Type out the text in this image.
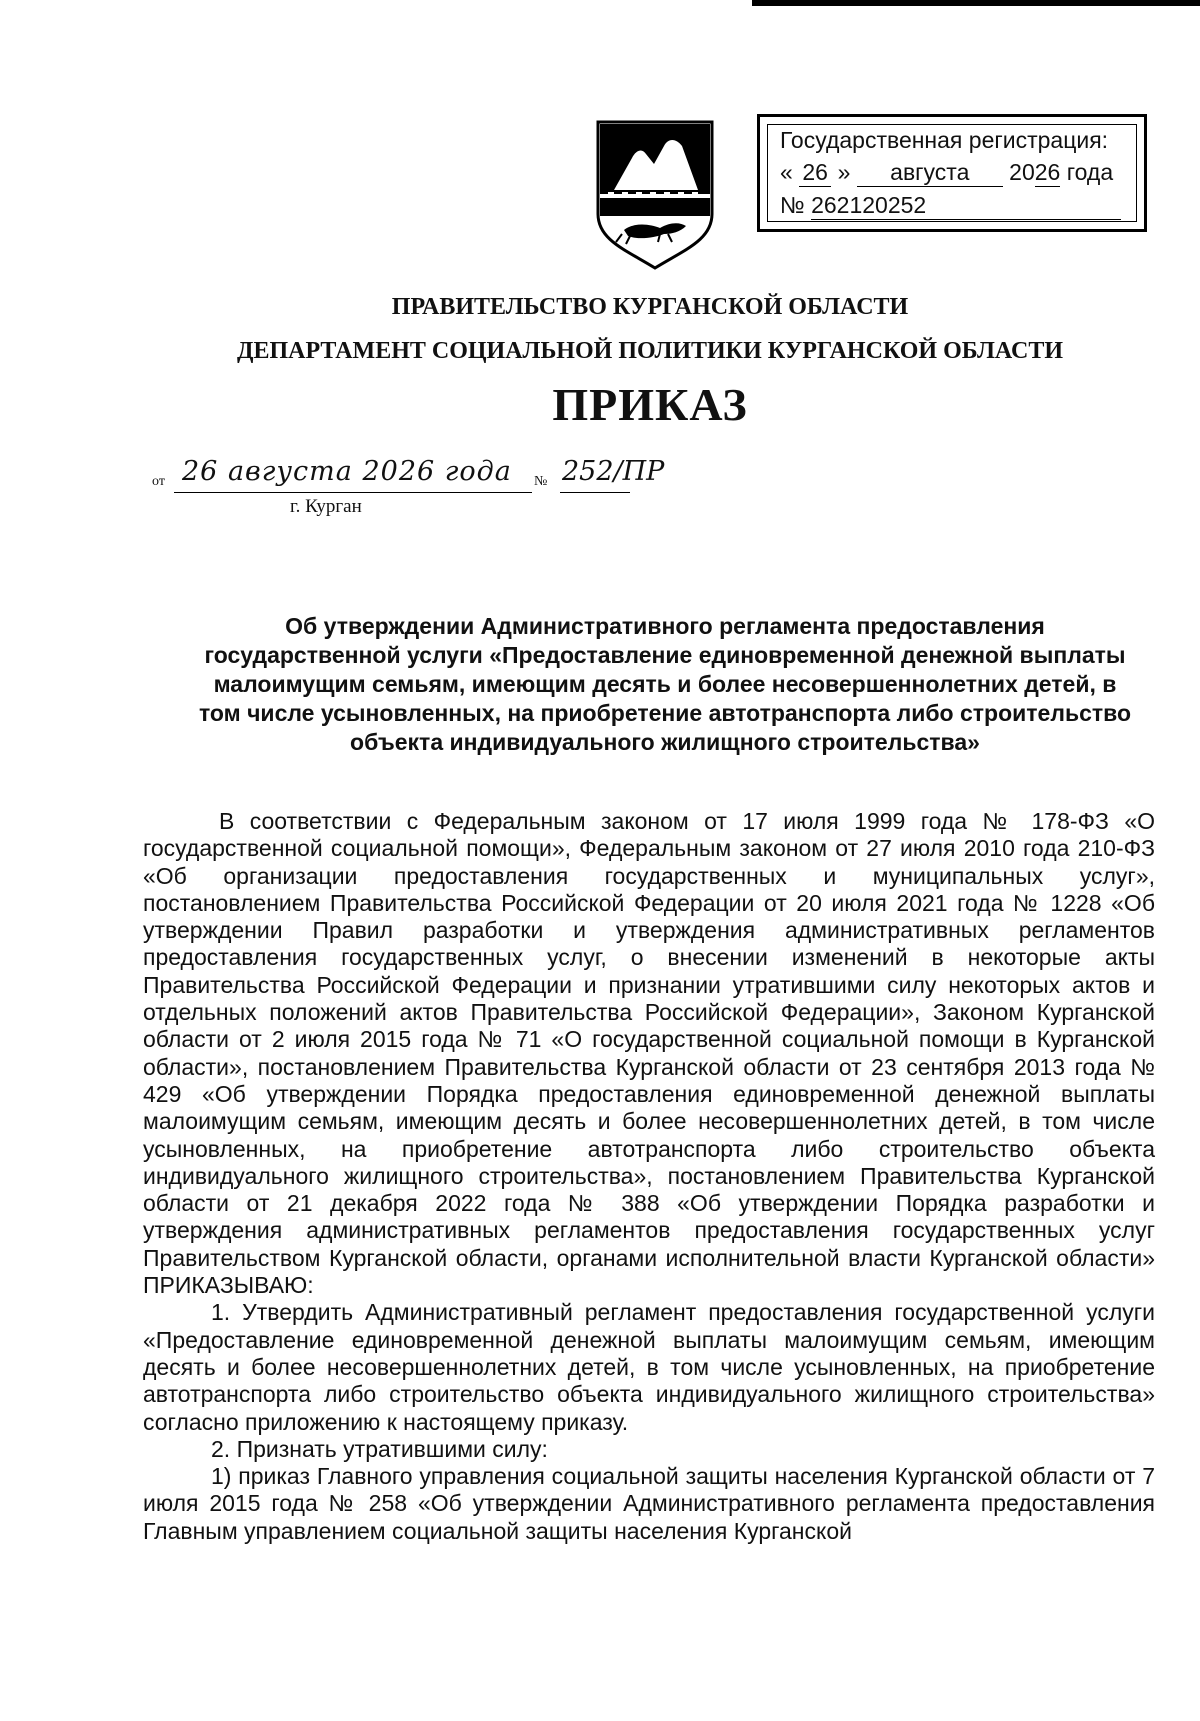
Государственная регистрация:
« 26 » августа 2026 года
№ 262120252
ПРАВИТЕЛЬСТВО КУРГАНСКОЙ ОБЛАСТИ
ДЕПАРТАМЕНТ СОЦИАЛЬНОЙ ПОЛИТИКИ КУРГАНСКОЙ ОБЛАСТИ
ПРИКАЗ
от 26 августа 2026 года № 252/ПР
г. Курган
Об утверждении Административного регламента предоставления
государственной услуги «Предоставление единовременной денежной выплаты
малоимущим семьям, имеющим десять и более несовершеннолетних детей, в
том числе усыновленных, на приобретение автотранспорта либо строительство
объекта индивидуального жилищного строительства»

В соответствии с Федеральным законом от 17 июля 1999 года № 178-ФЗ «О государственной социальной помощи», Федеральным законом от 27 июля 2010 года 210-ФЗ «Об организации предоставления государственных и муниципальных услуг», постановлением Правительства Российской Федерации от 20 июля 2021 года № 1228 «Об утверждении Правил разработки и утверждения административных регламентов предоставления государственных услуг, о внесении изменений в некоторые акты Правительства Российской Федерации и признании утратившими силу некоторых актов и отдельных положений актов Правительства Российской Федерации», Законом Курганской области от 2 июля 2015 года № 71 «О государственной социальной помощи в Курганской области», постановлением Правительства Курганской области от 23 сентября 2013 года № 429 «Об утверждении Порядка предоставления единовременной денежной выплаты малоимущим семьям, имеющим десять и более несовершеннолетних детей, в том числе усыновленных, на приобретение автотранспорта либо строительство объекта индивидуального жилищного строительства», постановлением Правительства Курганской области от 21 декабря 2022 года № 388 «Об утверждении Порядка разработки и утверждения административных регламентов предоставления государственных услуг Правительством Курганской области, органами исполнительной власти Курганской области» ПРИКАЗЫВАЮ:

1. Утвердить Административный регламент предоставления государственной услуги «Предоставление единовременной денежной выплаты малоимущим семьям, имеющим десять и более несовершеннолетних детей, в том числе усыновленных, на приобретение автотранспорта либо строительство объекта индивидуального жилищного строительства» согласно приложению к настоящему приказу.

2. Признать утратившими силу:

1) приказ Главного управления социальной защиты населения Курганской области от 7 июля 2015 года № 258 «Об утверждении Административного регламента предоставления Главным управлением социальной защиты населения Курганской
